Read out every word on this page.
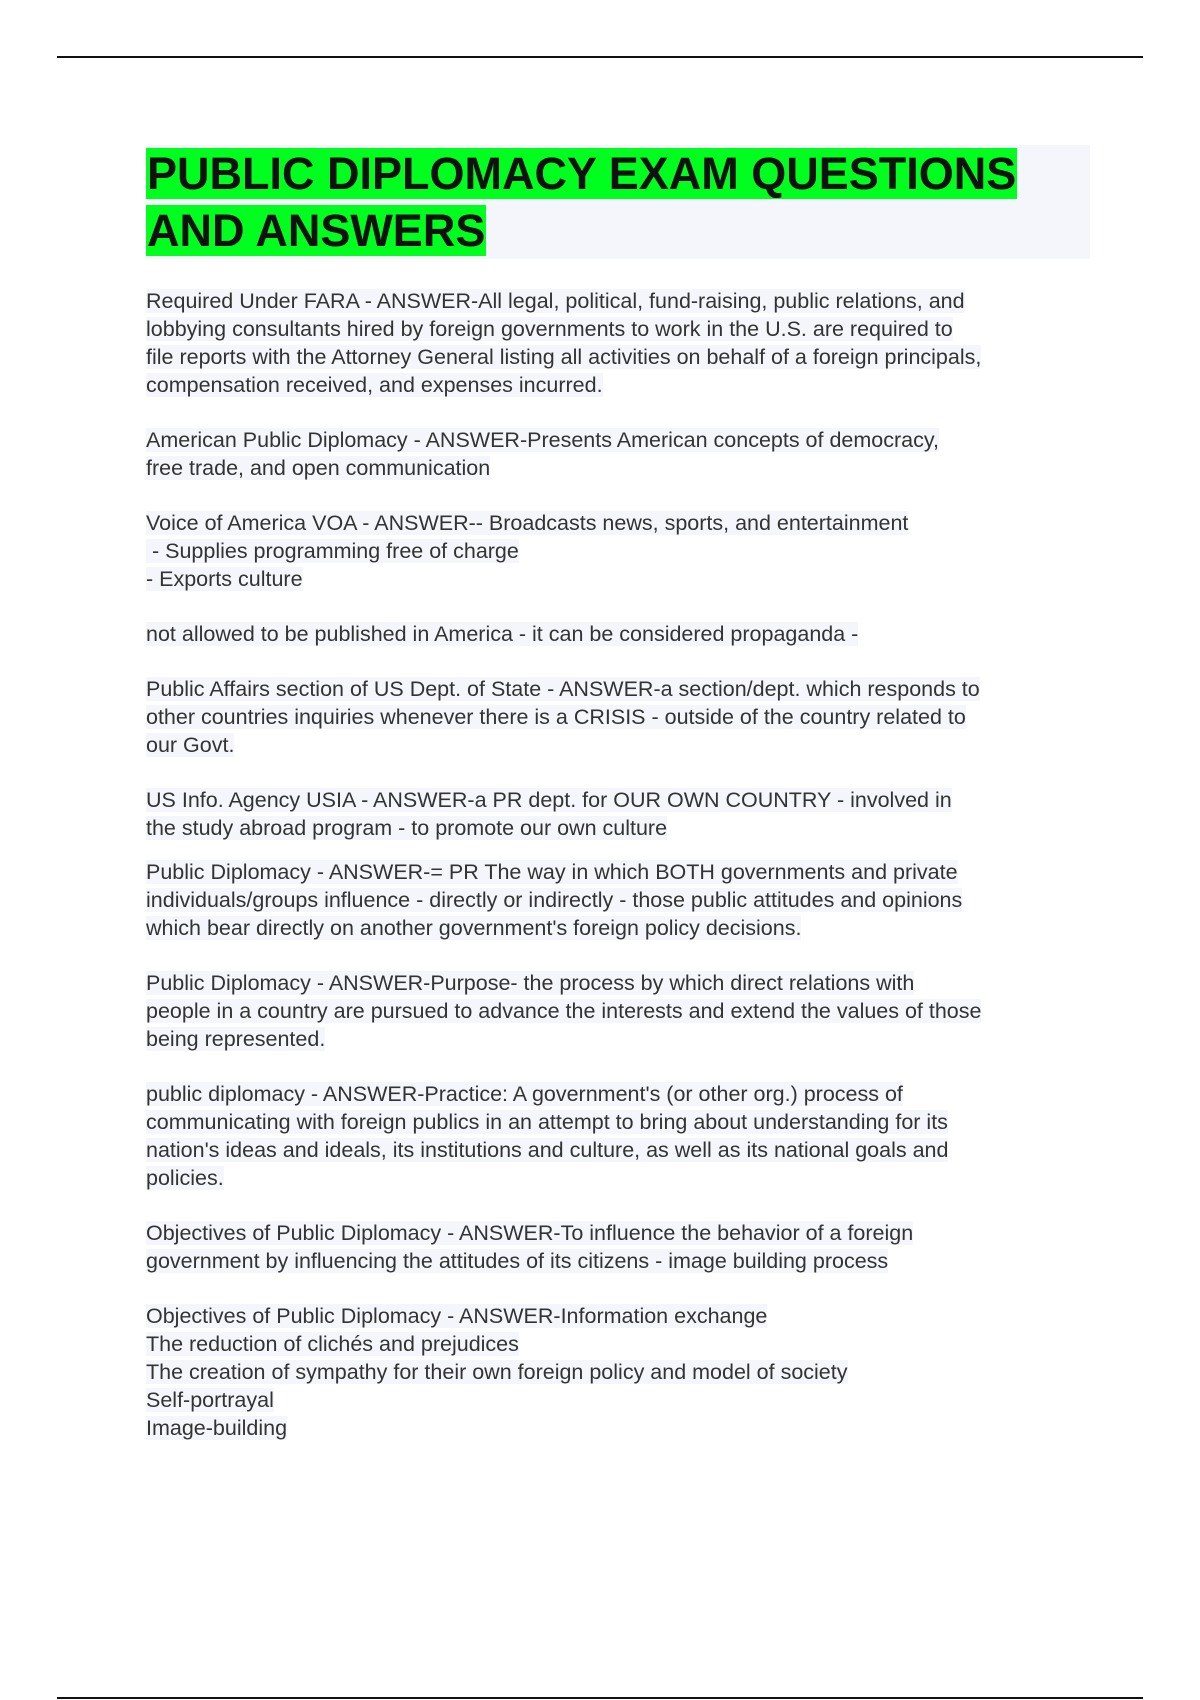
PUBLIC DIPLOMACY EXAM QUESTIONS AND ANSWERS
Required Under FARA - ANSWER-All legal, political, fund-raising, public relations, and
lobbying consultants hired by foreign governments to work in the U.S. are required to
file reports with the Attorney General listing all activities on behalf of a foreign principals,
compensation received, and expenses incurred.
American Public Diplomacy - ANSWER-Presents American concepts of democracy,
free trade, and open communication
Voice of America VOA - ANSWER-- Broadcasts news, sports, and entertainment
- Supplies programming free of charge
- Exports culture
not allowed to be published in America - it can be considered propaganda -
Public Affairs section of US Dept. of State - ANSWER-a section/dept. which responds to
other countries inquiries whenever there is a CRISIS - outside of the country related to
our Govt.
US Info. Agency USIA - ANSWER-a PR dept. for OUR OWN COUNTRY - involved in
the study abroad program - to promote our own culture
Public Diplomacy - ANSWER-= PR The way in which BOTH governments and private
individuals/groups influence - directly or indirectly - those public attitudes and opinions
which bear directly on another government's foreign policy decisions.
Public Diplomacy - ANSWER-Purpose- the process by which direct relations with
people in a country are pursued to advance the interests and extend the values of those
being represented.
public diplomacy - ANSWER-Practice: A government's (or other org.) process of
communicating with foreign publics in an attempt to bring about understanding for its
nation's ideas and ideals, its institutions and culture, as well as its national goals and
policies.
Objectives of Public Diplomacy - ANSWER-To influence the behavior of a foreign
government by influencing the attitudes of its citizens - image building process
Objectives of Public Diplomacy - ANSWER-Information exchange
The reduction of clichés and prejudices
The creation of sympathy for their own foreign policy and model of society
Self-portrayal
Image-building
